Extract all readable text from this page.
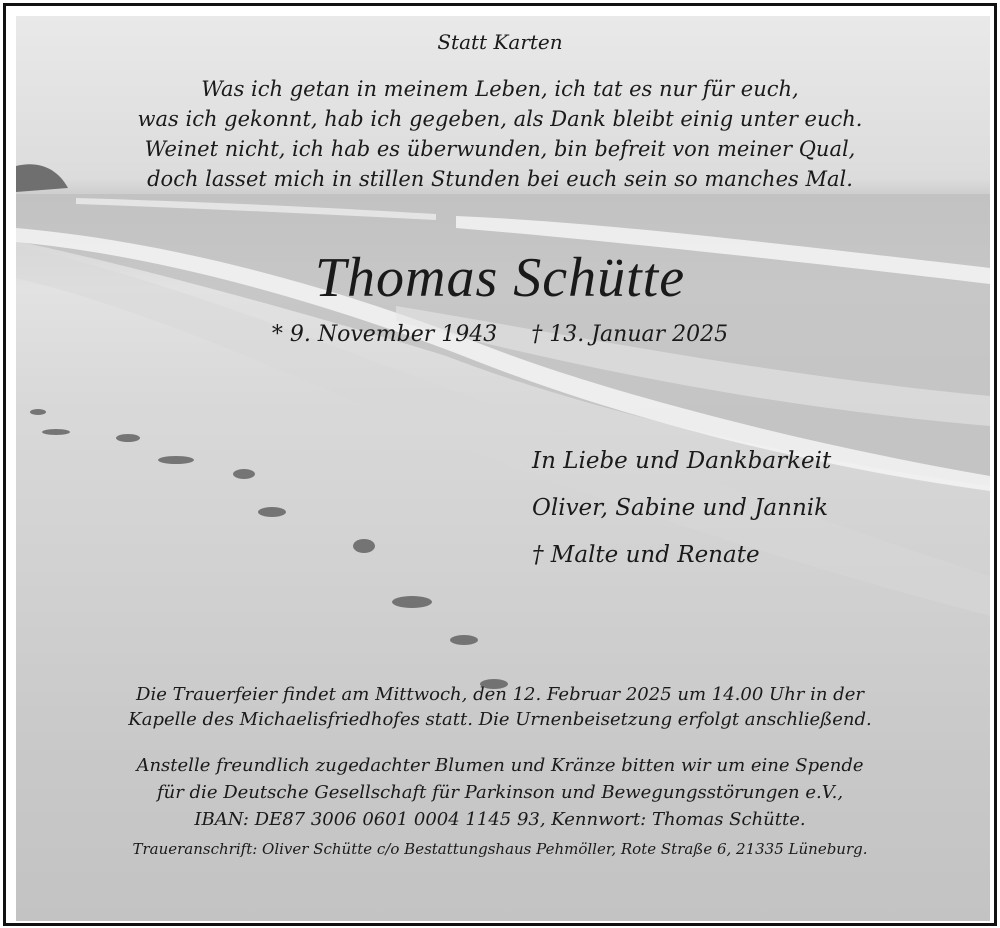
Statt Karten
Was ich getan in meinem Leben, ich tat es nur für euch,
was ich gekonnt, hab ich gegeben, als Dank bleibt einig unter euch.
Weinet nicht, ich hab es überwunden, bin befreit von meiner Qual,
doch lasset mich in stillen Stunden bei euch sein so manches Mal.
Thomas Schütte
* 9. November 1943 † 13. Januar 2025
In Liebe und Dankbarkeit
Oliver, Sabine und Jannik
† Malte und Renate
Die Trauerfeier findet am Mittwoch, den 12. Februar 2025 um 14.00 Uhr in der
Kapelle des Michaelisfriedhofes statt. Die Urnenbeisetzung erfolgt anschließend.
Anstelle freundlich zugedachter Blumen und Kränze bitten wir um eine Spende
für die Deutsche Gesellschaft für Parkinson und Bewegungsstörungen e.V.,
IBAN: DE87 3006 0601 0004 1145 93, Kennwort: Thomas Schütte.
Traueranschrift: Oliver Schütte c/o Bestattungshaus Pehmöller, Rote Straße 6, 21335 Lüneburg.
